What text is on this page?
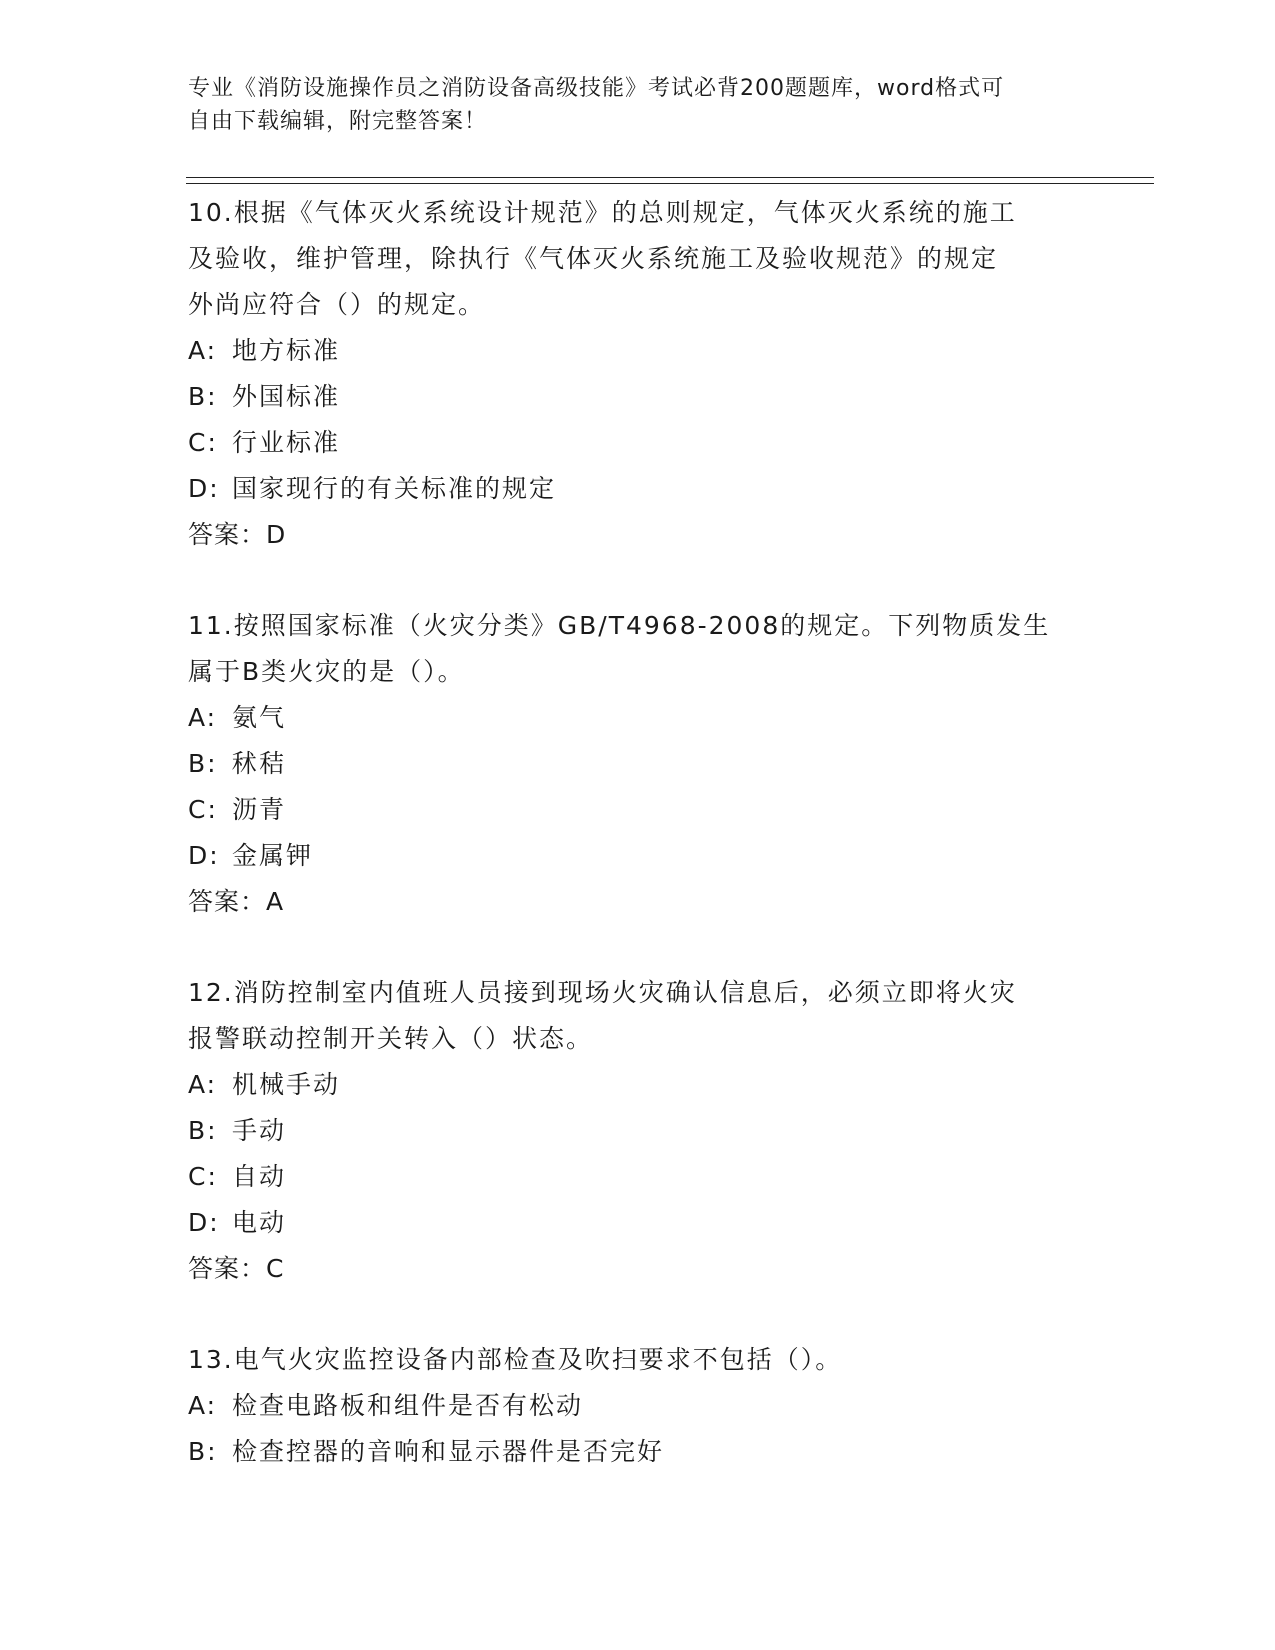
专业《消防设施操作员之消防设备高级技能》考试必背200题题库，word格式可
自由下载编辑，附完整答案！

10.根据《气体灭火系统设计规范》的总则规定，气体灭火系统的施工

及验收，维护管理，除执行《气体灭火系统施工及验收规范》的规定

外尚应符合（）的规定。

A: 地方标准

B: 外国标准

C: 行业标准

D: 国家现行的有关标准的规定

答案：D

11.按照国家标准（火灾分类》GB/T4968-2008的规定。下列物质发生

属于B类火灾的是（）。

A: 氨气

B: 秫秸

C: 沥青

D: 金属钾

答案：A

12.消防控制室内值班人员接到现场火灾确认信息后，必须立即将火灾

报警联动控制开关转入（）状态。

A: 机械手动

B: 手动

C: 自动

D: 电动

答案：C

13.电气火灾监控设备内部检查及吹扫要求不包括（）。

A: 检查电路板和组件是否有松动

B: 检查控器的音响和显示器件是否完好
